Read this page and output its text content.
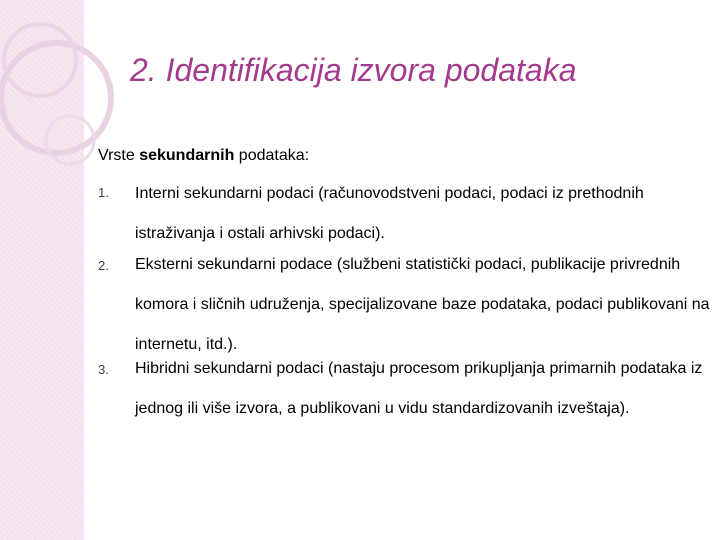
2. Identifikacija izvora podataka
Vrste sekundarnih podataka:
1. Interni sekundarni podaci (računovodstveni podaci, podaci iz prethodnih istraživanja i ostali arhivski podaci).
2. Eksterni sekundarni podace (službeni statistički podaci, publikacije privrednih komora i sličnih udruženja, specijalizovane baze podataka, podaci publikovani na internetu, itd.).
3. Hibridni sekundarni podaci (nastaju procesom prikupljanja primarnih podataka iz jednog ili više izvora, a publikovani u vidu standardizovanih izveštaja).
